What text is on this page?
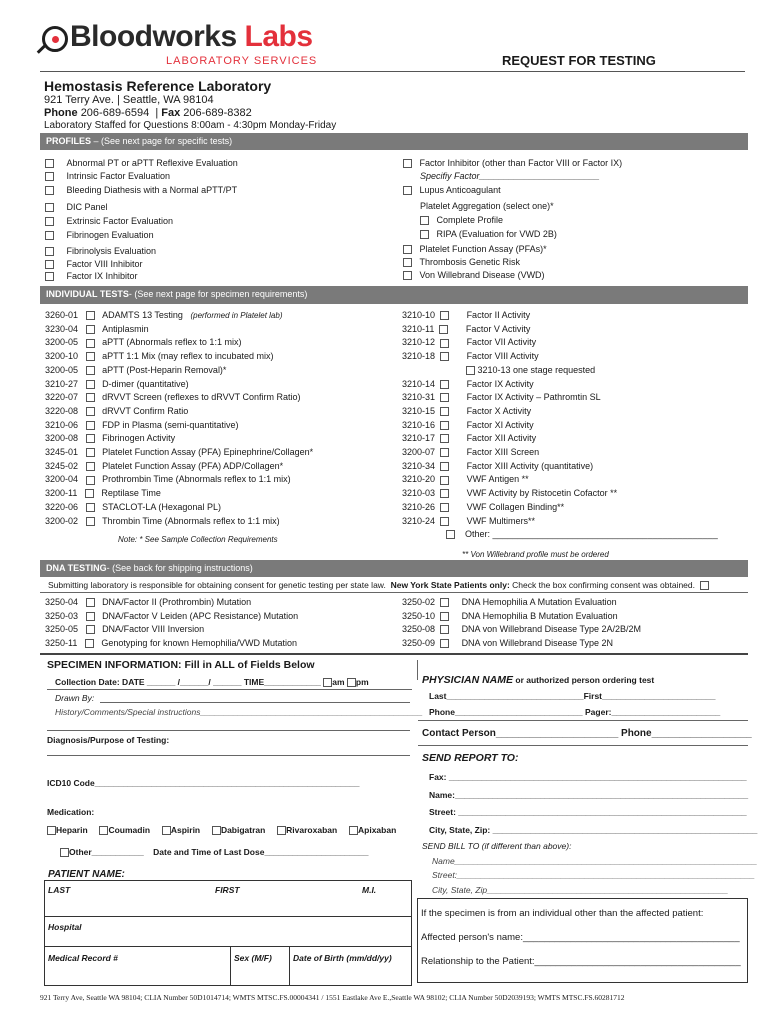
Bloodworks Labs
LABORATORY SERVICES	REQUEST FOR TESTING
Hemostasis Reference Laboratory
921 Terry Ave. | Seattle, WA 98104
Phone 206-689-6594  | Fax 206-689-8382
Laboratory Staffed for Questions 8:00am - 4:30pm Monday-Friday
PROFILES – (See next page for specific tests)
Abnormal PT or aPTT Reflexive Evaluation
Intrinsic Factor Evaluation
Bleeding Diathesis with a Normal aPTT/PT
DIC Panel
Extrinsic Factor Evaluation
Fibrinogen Evaluation
Fibrinolysis Evaluation
Factor VIII Inhibitor
Factor IX Inhibitor
Factor Inhibitor (other than Factor VIII or Factor IX)
Specifiy Factor________________________
Lupus Anticoagulant
Platelet Aggregation (select one)*
Complete Profile
RIPA (Evaluation for VWD 2B)
Platelet Function Assay (PFAs)*
Thrombosis Genetic Risk
Von Willebrand Disease (VWD)
INDIVIDUAL TESTS- (See next page for specimen requirements)
3260-01	ADAMTS 13 Testing (performed in Platelet lab)
3230-04	Antiplasmin
3200-05	aPTT (Abnormals reflex to 1:1 mix)
3200-10	aPTT 1:1 Mix (may reflex to incubated mix)
3200-05	aPTT (Post-Heparin Removal)*
3210-27	D-dimer (quantitative)
3220-07	dRVVT Screen (reflexes to dRVVT Confirm Ratio)
3220-08	dRVVT Confirm Ratio
3210-06	FDP in Plasma (semi-quantitative)
3200-08	Fibrinogen Activity
3245-01	Platelet Function Assay (PFA) Epinephrine/Collagen*
3245-02	Platelet Function Assay (PFA) ADP/Collagen*
3200-04	Prothrombin Time (Abnormals reflex to 1:1 mix)
3200-11	Reptilase Time
3220-06	STACLOT-LA (Hexagonal PL)
3200-02	Thrombin Time (Abnormals reflex to 1:1 mix)
3210-10	Factor II Activity
3210-11	Factor V Activity
3210-12	Factor VII Activity
3210-18	Factor VIII Activity
3210-13 one stage requested
3210-14	Factor IX Activity
3210-31	Factor IX Activity – Pathromtin SL
3210-15	Factor X Activity
3210-16	Factor XI Activity
3210-17	Factor XII Activity
3200-07	Factor XIII Screen
3210-34	Factor XIII Activity (quantitative)
3210-20	VWF Antigen **
3210-03	VWF Activity by Ristocetin Cofactor **
3210-26	VWF Collagen Binding**
3210-24	VWF Multimers**
Other: _____________________________________________
Note: * See Sample Collection Requirements
** Von Willebrand profile must be ordered
DNA TESTING- (See back for shipping instructions)
Submitting laboratory is responsible for obtaining consent for genetic testing per state law. New York State Patients only: Check the box confirming consent was obtained.
3250-04	DNA/Factor II (Prothrombin) Mutation
3250-03	DNA/Factor V Leiden (APC Resistance) Mutation
3250-05	DNA/Factor VIII Inversion
3250-11	Genotyping for known Hemophilia/VWD Mutation
3250-02	DNA Hemophilia A Mutation Evaluation
3250-10	DNA Hemophilia B Mutation Evaluation
3250-08	DNA von Willebrand Disease Type 2A/2B/2M
3250-09	DNA von Willebrand Disease Type 2N
SPECIMEN INFORMATION: Fill in ALL of Fields Below
Collection Date: DATE ______ /______/ ______ TIME____________ am pm
Drawn By:
History/Comments/Special instructions_______________________________________________
Diagnosis/Purpose of Testing:
ICD10 Code________________________________________________________
Medication:
Heparin Coumadin Aspirin Dabigatran Rivaroxaban Apixaban
Other___________ Date and Time of Last Dose______________________
PHYSICIAN NAME or authorized person ordering test
Last_____________________________First________________________
Phone___________________________ Pager:_______________________
Contact Person______________________ Phone__________________
SEND REPORT TO:
Fax: _______________________________________________________________
Name:______________________________________________________________
Street: _____________________________________________________________
City, State, Zip: ________________________________________________________
SEND BILL TO (if different than above):
Name________________________________________________________________
Street:_______________________________________________________________
City, State, Zip___________________________________________________
PATIENT NAME:
LAST	FIRST	M.I.
Hospital
Medical Record #	Sex (M/F) Date of Birth (mm/dd/yy)
If the specimen is from an individual other than the affected patient:
Affected person's name:_________________________________________
Relationship to the Patient:_______________________________________
921 Terry Ave, Seattle WA 98104; CLIA Number 50D1014714; WMTS MTSC.FS.00004341 / 1551 Eastlake Ave E.,Seattle WA 98102; CLIA Number 50D2039193; WMTS MTSC.FS.60281712
